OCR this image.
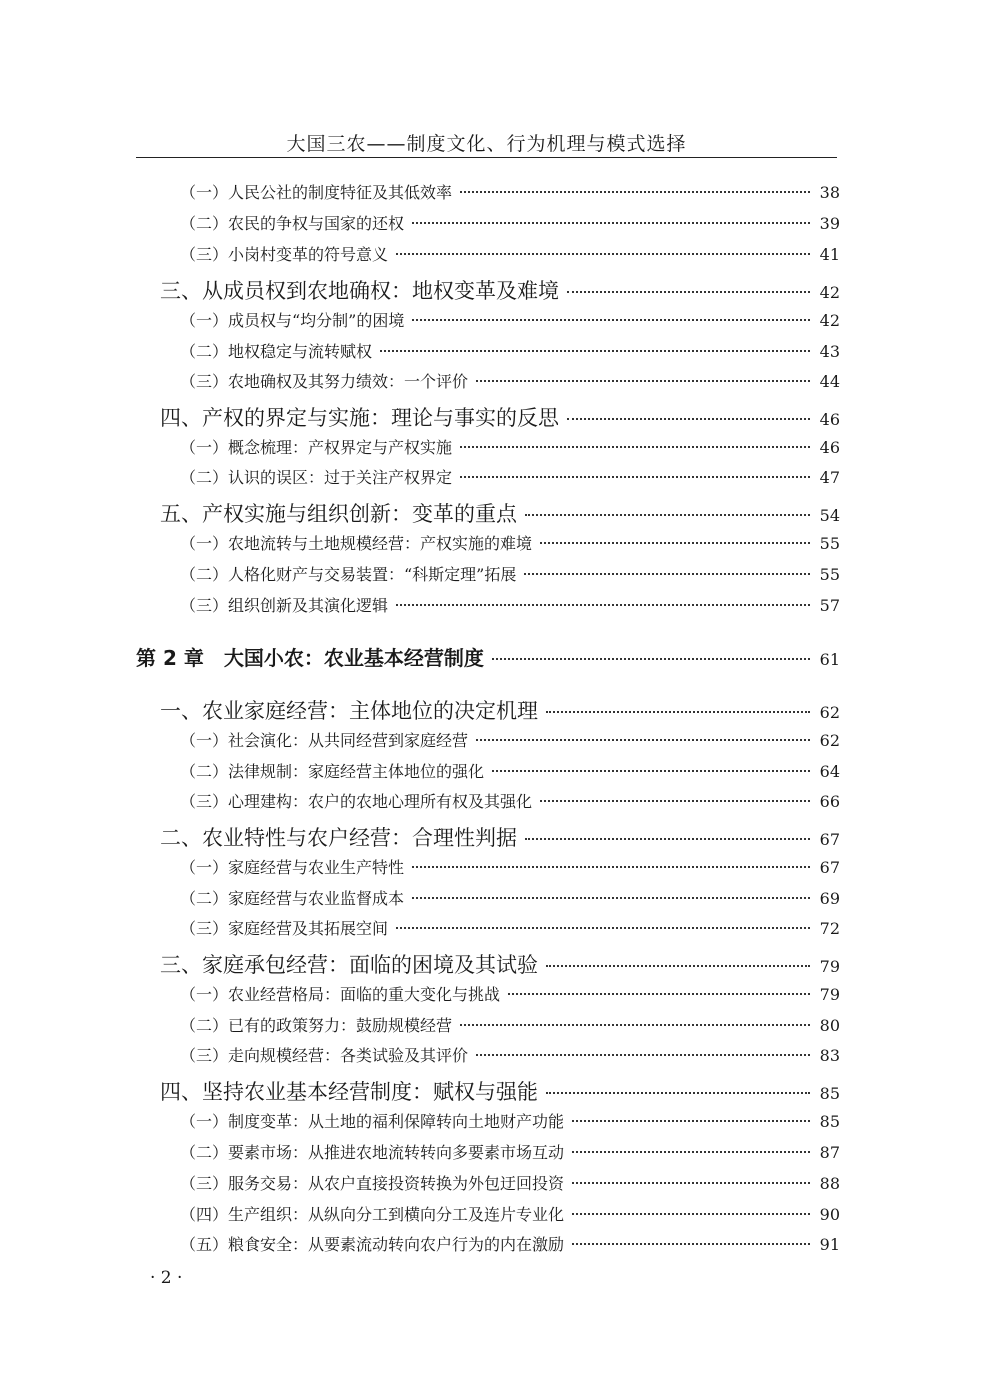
大国三农——制度文化、行为机理与模式选择
（一）人民公社的制度特征及其低效率	38
（二）农民的争权与国家的还权	39
（三）小岗村变革的符号意义	41
三、从成员权到农地确权：地权变革及难境	42
（一）成员权与“均分制”的困境	42
（二）地权稳定与流转赋权	43
（三）农地确权及其努力绩效：一个评价	44
四、产权的界定与实施：理论与事实的反思	46
（一）概念梳理：产权界定与产权实施	46
（二）认识的误区：过于关注产权界定	47
五、产权实施与组织创新：变革的重点	54
（一）农地流转与土地规模经营：产权实施的难境	55
（二）人格化财产与交易装置：“科斯定理”拓展	55
（三）组织创新及其演化逻辑	57
第 2 章　大国小农：农业基本经营制度	61
一、农业家庭经营：主体地位的决定机理	62
（一）社会演化：从共同经营到家庭经营	62
（二）法律规制：家庭经营主体地位的强化	64
（三）心理建构：农户的农地心理所有权及其强化	66
二、农业特性与农户经营：合理性判据	67
（一）家庭经营与农业生产特性	67
（二）家庭经营与农业监督成本	69
（三）家庭经营及其拓展空间	72
三、家庭承包经营：面临的困境及其试验	79
（一）农业经营格局：面临的重大变化与挑战	79
（二）已有的政策努力：鼓励规模经营	80
（三）走向规模经营：各类试验及其评价	83
四、坚持农业基本经营制度：赋权与强能	85
（一）制度变革：从土地的福利保障转向土地财产功能	85
（二）要素市场：从推进农地流转转向多要素市场互动	87
（三）服务交易：从农户直接投资转换为外包迂回投资	88
（四）生产组织：从纵向分工到横向分工及连片专业化	90
（五）粮食安全：从要素流动转向农户行为的内在激励	91
· 2 ·
